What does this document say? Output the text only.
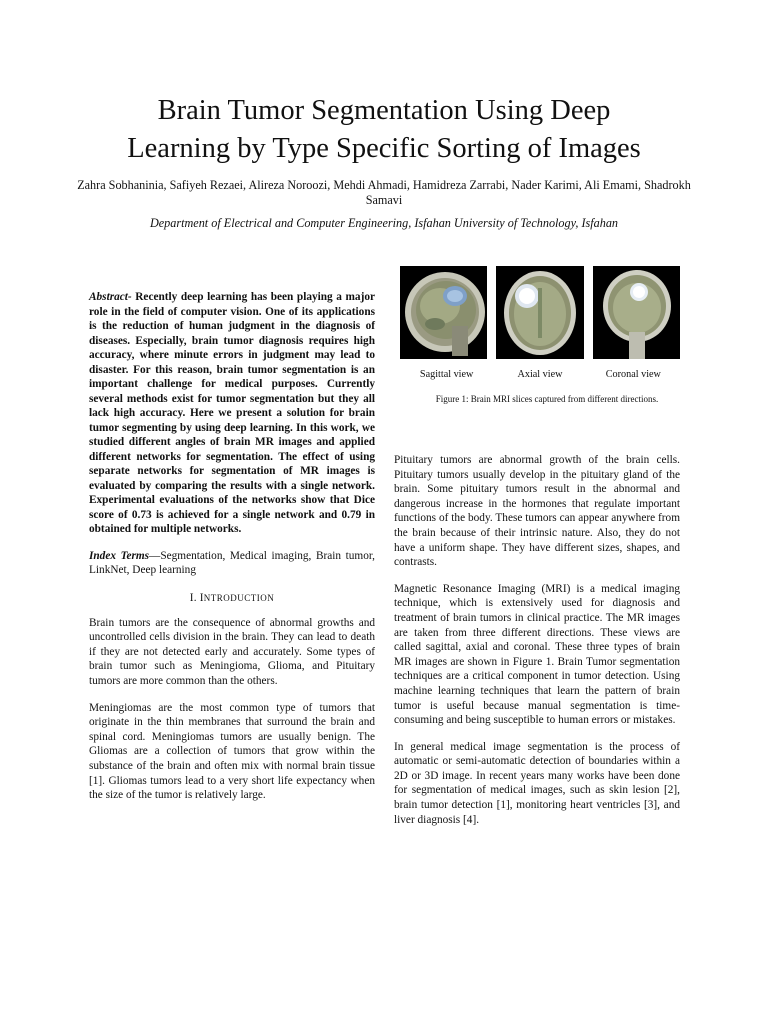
Brain Tumor Segmentation Using Deep
Learning by Type Specific Sorting of Images
Zahra Sobhaninia, Safiyeh Rezaei, Alireza Noroozi, Mehdi Ahmadi, Hamidreza Zarrabi, Nader Karimi, Ali Emami, Shadrokh Samavi
Department of Electrical and Computer Engineering, Isfahan University of Technology, Isfahan
Sagittal view	Axial view	Coronal view
Figure 1: Brain MRI slices captured from different directions.

Abstract- Recently deep learning has been playing a major role in the field of computer vision. One of its applications is the reduction of human judgment in the diagnosis of diseases. Especially, brain tumor diagnosis requires high accuracy, where minute errors in judgment may lead to disaster. For this reason, brain tumor segmentation is an important challenge for medical purposes. Currently several methods exist for tumor segmentation but they all lack high accuracy. Here we present a solution for brain tumor segmenting by using deep learning. In this work, we studied different angles of brain MR images and applied different networks for segmentation. The effect of using separate networks for segmentation of MR images is evaluated by comparing the results with a single network. Experimental evaluations of the networks show that Dice score of 0.73 is achieved for a single network and 0.79 in obtained for multiple networks.

Index Terms—Segmentation, Medical imaging, Brain tumor, LinkNet, Deep learning

I. INTRODUCTION

Brain tumors are the consequence of abnormal growths and uncontrolled cells division in the brain. They can lead to death if they are not detected early and accurately. Some types of brain tumor such as Meningioma, Glioma, and Pituitary tumors are more common than the others.

Meningiomas are the most common type of tumors that originate in the thin membranes that surround the brain and spinal cord. Meningiomas tumors are usually benign. The Gliomas are a collection of tumors that grow within the substance of the brain and often mix with normal brain tissue [1]. Gliomas tumors lead to a very short life expectancy when the size of the tumor is relatively large.

Pituitary tumors are abnormal growth of the brain cells. Pituitary tumors usually develop in the pituitary gland of the brain. Some pituitary tumors result in the abnormal and dangerous increase in the hormones that regulate important functions of the body. These tumors can appear anywhere from the brain because of their intrinsic nature. Also, they do not have a uniform shape. They have different sizes, shapes, and contrasts.

Magnetic Resonance Imaging (MRI) is a medical imaging technique, which is extensively used for diagnosis and treatment of brain tumors in clinical practice. The MR images are taken from three different directions. These views are called sagittal, axial and coronal. These three types of brain MR images are shown in Figure 1. Brain Tumor segmentation techniques are a critical component in tumor detection. Using machine learning techniques that learn the pattern of brain tumor is useful because manual segmentation is time-consuming and being susceptible to human errors or mistakes.

In general medical image segmentation is the process of automatic or semi-automatic detection of boundaries within a 2D or 3D image. In recent years many works have been done for segmentation of medical images, such as skin lesion [2], brain tumor detection [1], monitoring heart ventricles [3], and liver diagnosis [4].
